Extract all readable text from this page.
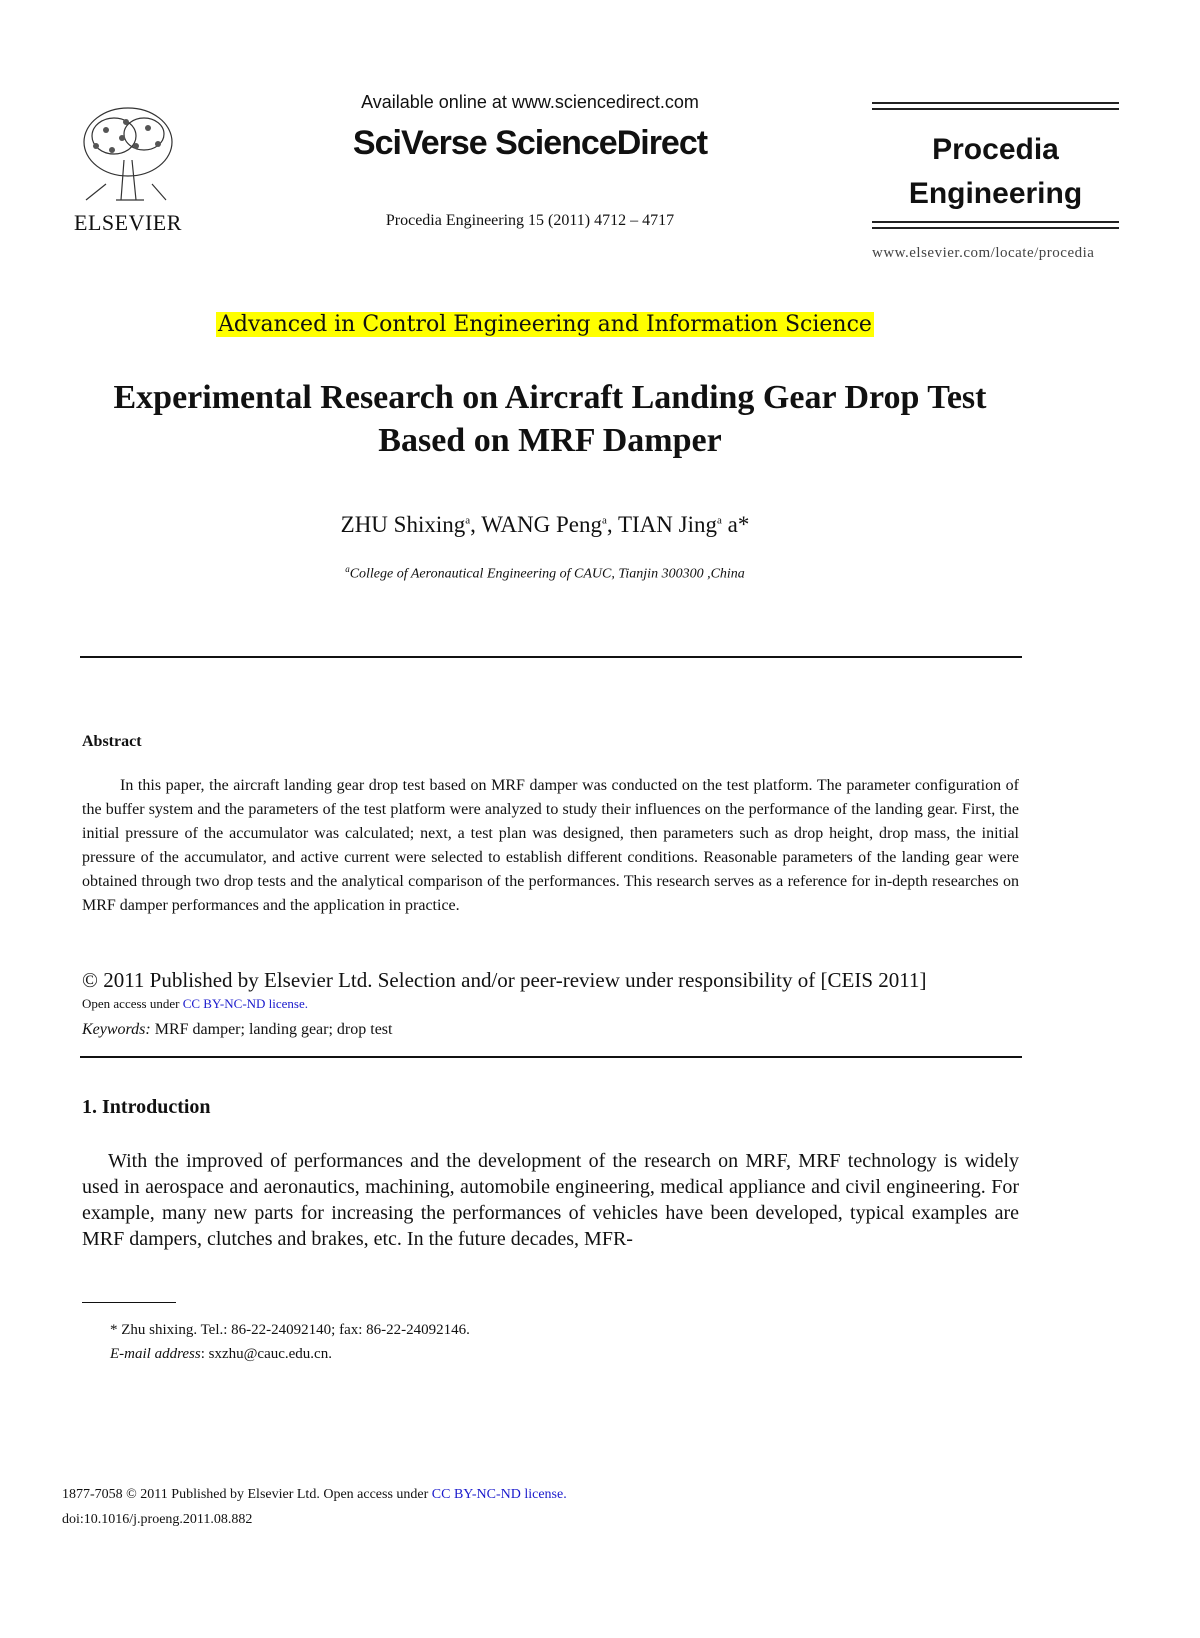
ELSEVIER
Available online at www.sciencedirect.com
SciVerse ScienceDirect
Procedia Engineering 15 (2011) 4712 – 4717
Procedia Engineering
www.elsevier.com/locate/procedia
Advanced in Control Engineering and Information Science
Experimental Research on Aircraft Landing Gear Drop Test Based on MRF Damper
ZHU Shixing$^a$, WANG Peng$^a$, TIAN Jing$^a$ a*
$^a$College of Aeronautical Engineering of CAUC, Tianjin 300300 ,China
Abstract
In this paper, the aircraft landing gear drop test based on MRF damper was conducted on the test platform. The parameter configuration of the buffer system and the parameters of the test platform were analyzed to study their influences on the performance of the landing gear. First, the initial pressure of the accumulator was calculated; next, a test plan was designed, then parameters such as drop height, drop mass, the initial pressure of the accumulator, and active current were selected to establish different conditions. Reasonable parameters of the landing gear were obtained through two drop tests and the analytical comparison of the performances. This research serves as a reference for in-depth researches on MRF damper performances and the application in practice.
© 2011 Published by Elsevier Ltd. Selection and/or peer-review under responsibility of [CEIS 2011]
Open access under CC BY-NC-ND license.
Keywords: MRF damper; landing gear; drop test
1. Introduction
With the improved of performances and the development of the research on MRF, MRF technology is widely used in aerospace and aeronautics, machining, automobile engineering, medical appliance and civil engineering. For example, many new parts for increasing the performances of vehicles have been developed, typical examples are MRF dampers, clutches and brakes, etc. In the future decades, MFR-
* Zhu shixing. Tel.: 86-22-24092140; fax: 86-22-24092146.
E-mail address: sxzhu@cauc.edu.cn.
1877-7058 © 2011 Published by Elsevier Ltd. Open access under CC BY-NC-ND license.
doi:10.1016/j.proeng.2011.08.882
